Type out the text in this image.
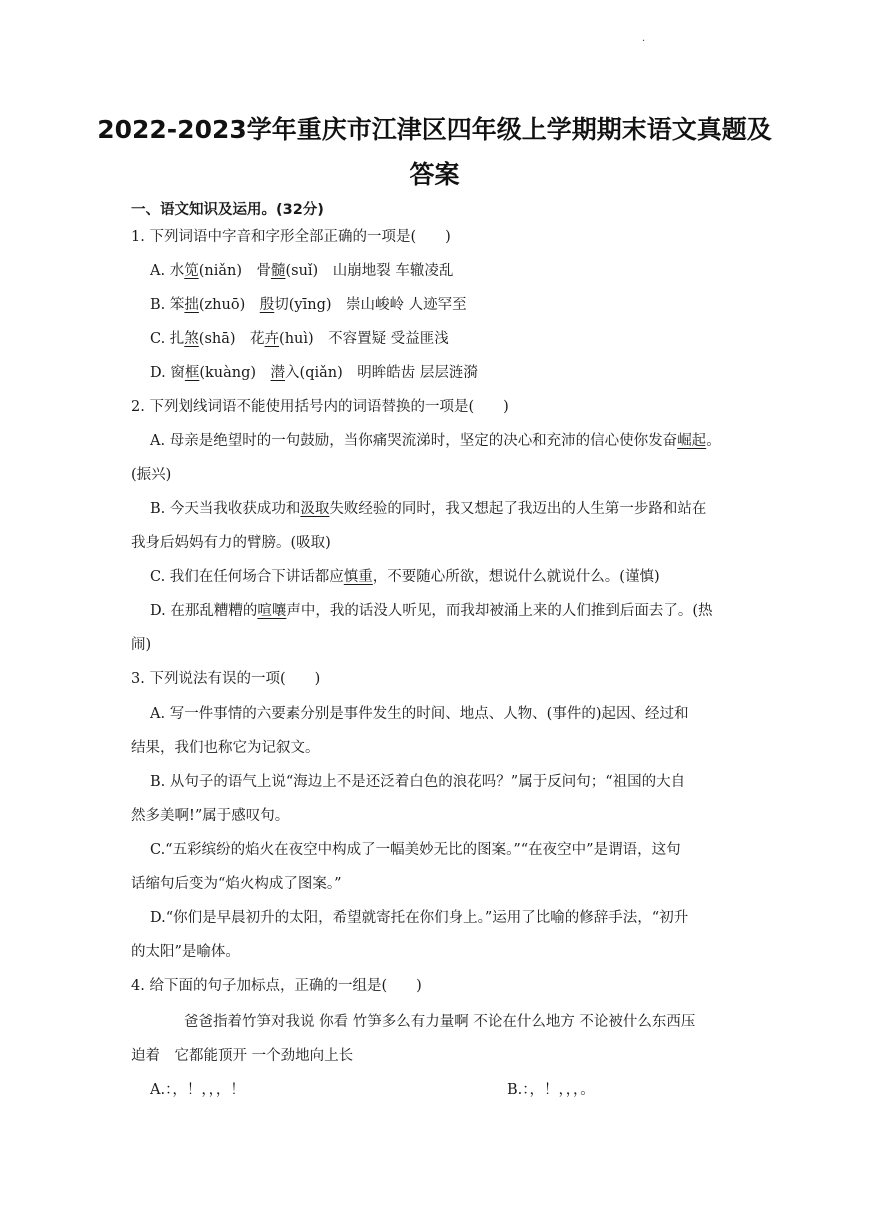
·
2022-2023学年重庆市江津区四年级上学期期末语文真题及
答案
一、语文知识及运用。(32分)
1. 下列词语中字音和字形全部正确的一项是(　　)
A. 水笕(niǎn)　骨髓(suǐ)　山崩地裂 车辙凌乱
B. 笨拙(zhuō)　殷切(yīng)　崇山峻岭 人迹罕至
C. 扎煞(shā)　花卉(huì)　不容置疑 受益匪浅
D. 窗框(kuàng)　潜入(qiǎn)　明眸皓齿 层层涟漪
2. 下列划线词语不能使用括号内的词语替换的一项是(　　)
A. 母亲是绝望时的一句鼓励，当你痛哭流涕时，坚定的决心和充沛的信心使你发奋崛起。
(振兴)
B. 今天当我收获成功和汲取失败经验的同时，我又想起了我迈出的人生第一步路和站在
我身后妈妈有力的臂膀。(吸取)
C. 我们在任何场合下讲话都应慎重，不要随心所欲，想说什么就说什么。(谨慎)
D. 在那乱糟糟的喧嚷声中，我的话没人听见，而我却被涌上来的人们推到后面去了。(热
闹)
3. 下列说法有误的一项(　　)
A. 写一件事情的六要素分别是事件发生的时间、地点、人物、(事件的)起因、经过和
结果，我们也称它为记叙文。
B. 从句子的语气上说“海边上不是还泛着白色的浪花吗？”属于反问句；“祖国的大自
然多美啊!”属于感叹句。
C.“五彩缤纷的焰火在夜空中构成了一幅美妙无比的图案。”“在夜空中”是谓语，这句
话缩句后变为“焰火构成了图案。”
D.“你们是早晨初升的太阳，希望就寄托在你们身上。”运用了比喻的修辞手法，“初升
的太阳”是喻体。
4. 给下面的句子加标点，正确的一组是(　　)
爸爸指着竹笋对我说 你看 竹笋多么有力量啊 不论在什么地方 不论被什么东西压
迫着　它都能顶开 一个劲地向上长
A.：，！，，，！	B.：，！，，，。
